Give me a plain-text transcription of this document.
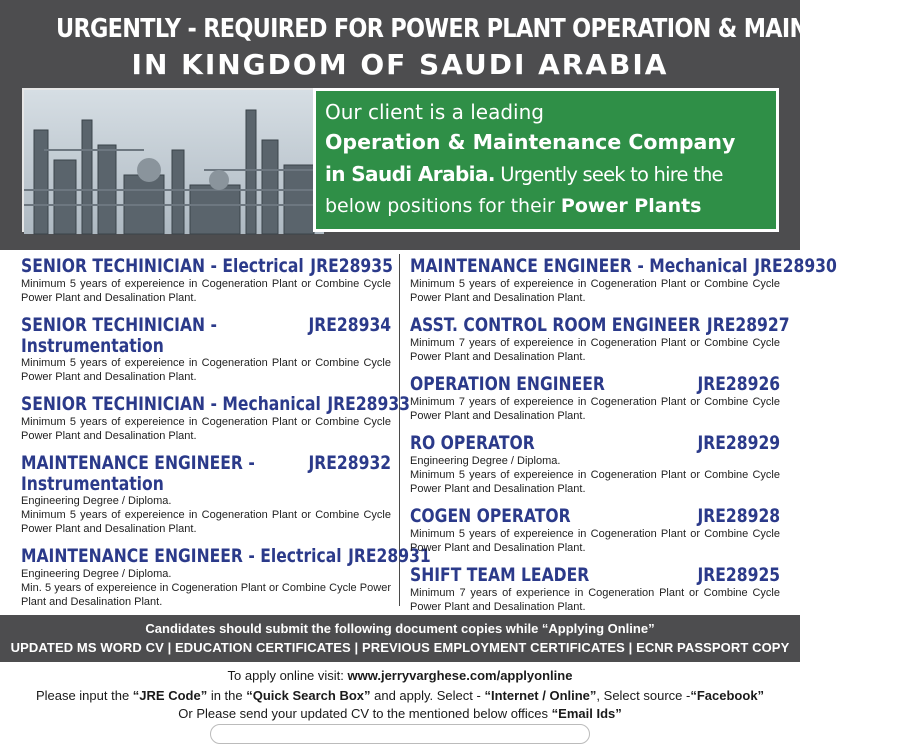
URGENTLY - REQUIRED FOR POWER PLANT OPERATION & MAINTENANCE
IN KINGDOM OF SAUDI ARABIA

Our client is a leading

Operation & Maintenance Company

in Saudi Arabia. Urgently seek to hire the

below positions for their Power Plants

SENIOR TECHINICIAN - Electrical JRE28935
Minimum 5 years of expereience in Cogeneration Plant or Combine Cycle Power Plant and Desalination Plant.
SENIOR TECHINICIAN -	JRE28934
Instrumentation
Minimum 5 years of expereience in Cogeneration Plant or Combine Cycle Power Plant and Desalination Plant.
SENIOR TECHINICIAN - Mechanical JRE28933
Minimum 5 years of expereience in Cogeneration Plant or Combine Cycle Power Plant and Desalination Plant.
MAINTENANCE ENGINEER -	JRE28932
Instrumentation
Engineering Degree / Diploma.
Minimum 5 years of expereience in Cogeneration Plant or Combine Cycle Power Plant and Desalination Plant.
MAINTENANCE ENGINEER - Electrical JRE28931
Engineering Degree / Diploma.
Min. 5 years of expereience in Cogeneration Plant or Combine Cycle Power Plant and Desalination Plant.
MAINTENANCE ENGINEER - Mechanical JRE28930
Minimum 5 years of expereience in Cogeneration Plant or Combine Cycle Power Plant and Desalination Plant.
ASST. CONTROL ROOM ENGINEER JRE28927
Minimum 7 years of expereience in Cogeneration Plant or Combine Cycle Power Plant and Desalination Plant.
OPERATION ENGINEER	JRE28926
Minimum 7 years of expereience in Cogeneration Plant or Combine Cycle Power Plant and Desalination Plant.
RO OPERATOR	JRE28929
Engineering Degree / Diploma.
Minimum 5 years of expereience in Cogeneration Plant or Combine Cycle Power Plant and Desalination Plant.
COGEN OPERATOR	JRE28928
Minimum 5 years of expereience in Cogeneration Plant or Combine Cycle Power Plant and Desalination Plant.
SHIFT TEAM LEADER	JRE28925
Minimum 7 years of experience in Cogeneration Plant or Combine Cycle Power Plant and Desalination Plant.
Candidates should submit the following document copies while “Applying Online”
UPDATED MS WORD CV | EDUCATION CERTIFICATES | PREVIOUS EMPLOYMENT CERTIFICATES | ECNR PASSPORT COPY
To apply online visit: www.jerryvarghese.com/applyonline
Please input the “JRE Code” in the “Quick Search Box” and apply. Select - “Internet / Online”, Select source -“Facebook”
Or Please send your updated CV to the mentioned below offices “Email Ids”
